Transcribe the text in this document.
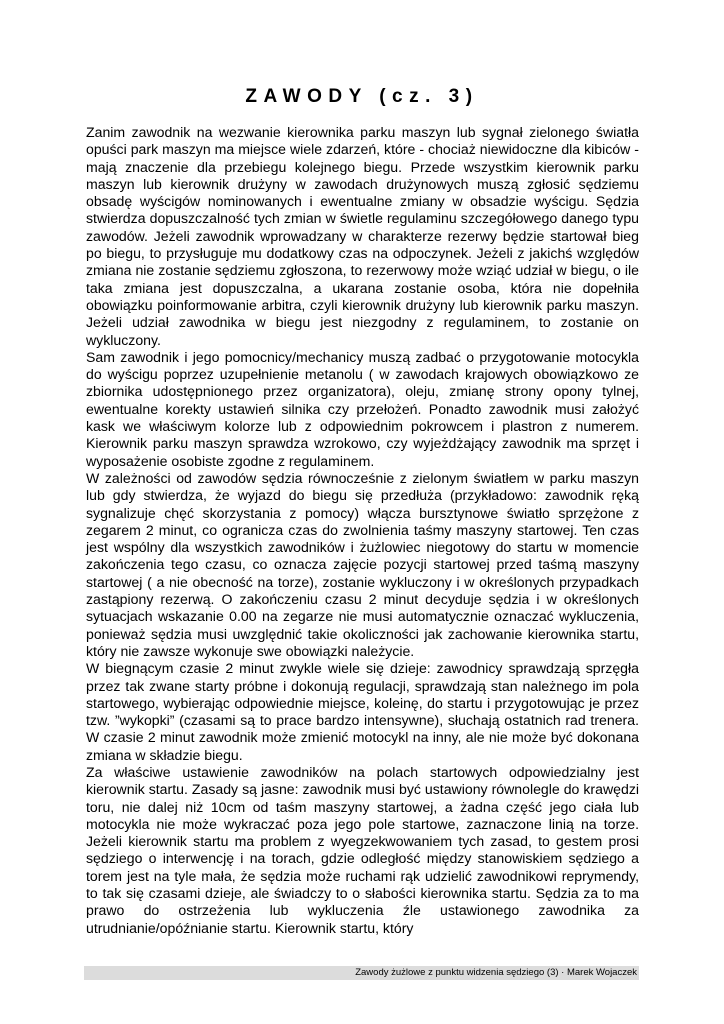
ZAWODY (cz. 3)

Zanim zawodnik na wezwanie kierownika parku maszyn lub sygnał zielonego światła opuści park maszyn ma miejsce wiele zdarzeń, które - chociaż niewidoczne dla kibiców - mają znaczenie dla przebiegu kolejnego biegu. Przede wszystkim kierownik parku maszyn lub kierownik drużyny w zawodach drużynowych muszą zgłosić sędziemu obsadę wyścigów nominowanych i ewentualne zmiany w obsadzie wyścigu. Sędzia stwierdza dopuszczalność tych zmian w świetle regulaminu szczegółowego danego typu zawodów. Jeżeli zawodnik wprowadzany w charakterze rezerwy będzie startował bieg po biegu, to przysługuje mu dodatkowy czas na odpoczynek. Jeżeli z jakichś względów zmiana nie zostanie sędziemu zgłoszona, to rezerwowy może wziąć udział w biegu, o ile taka zmiana jest dopuszczalna, a ukarana zostanie osoba, która nie dopełniła obowiązku poinformowanie arbitra, czyli kierownik drużyny lub kierownik parku maszyn. Jeżeli udział zawodnika w biegu jest niezgodny z regulaminem, to zostanie on wykluczony.

Sam zawodnik i jego pomocnicy/mechanicy muszą zadbać o przygotowanie motocykla do wyścigu poprzez uzupełnienie metanolu ( w zawodach krajowych obowiązkowo ze zbiornika udostępnionego przez organizatora), oleju, zmianę strony opony tylnej, ewentualne korekty ustawień silnika czy przełożeń. Ponadto zawodnik musi założyć kask we właściwym kolorze lub z odpowiednim pokrowcem i plastron z numerem. Kierownik parku maszyn sprawdza wzrokowo, czy wyjeżdżający zawodnik ma sprzęt i wyposażenie osobiste zgodne z regulaminem.

W zależności od zawodów sędzia równocześnie z zielonym światłem w parku maszyn lub gdy stwierdza, że wyjazd do biegu się przedłuża (przykładowo: zawodnik ręką sygnalizuje chęć skorzystania z pomocy) włącza bursztynowe światło sprzężone z zegarem 2 minut, co ogranicza czas do zwolnienia taśmy maszyny startowej. Ten czas jest wspólny dla wszystkich zawodników i żużlowiec niegotowy do startu w momencie zakończenia tego czasu, co oznacza zajęcie pozycji startowej przed taśmą maszyny startowej ( a nie obecność na torze), zostanie wykluczony i w określonych przypadkach zastąpiony rezerwą. O zakończeniu czasu 2 minut decyduje sędzia i w określonych sytuacjach wskazanie 0.00 na zegarze nie musi automatycznie oznaczać wykluczenia, ponieważ sędzia musi uwzględnić takie okoliczności jak zachowanie kierownika startu, który nie zawsze wykonuje swe obowiązki należycie.

W biegnącym czasie 2 minut zwykle wiele się dzieje: zawodnicy sprawdzają sprzęgła przez tak zwane starty próbne i dokonują regulacji, sprawdzają stan należnego im pola startowego, wybierając odpowiednie miejsce, koleinę, do startu i przygotowując je przez tzw. ”wykopki” (czasami są to prace bardzo intensywne), słuchają ostatnich rad trenera. W czasie 2 minut zawodnik może zmienić motocykl na inny, ale nie może być dokonana zmiana w składzie biegu.

Za właściwe ustawienie zawodników na polach startowych odpowiedzialny jest kierownik startu. Zasady są jasne: zawodnik musi być ustawiony równolegle do krawędzi toru, nie dalej niż 10cm od taśm maszyny startowej, a żadna część jego ciała lub motocykla nie może wykraczać poza jego pole startowe, zaznaczone linią na torze. Jeżeli kierownik startu ma problem z wyegzekwowaniem tych zasad, to gestem prosi sędziego o interwencję i na torach, gdzie odległość między stanowiskiem sędziego a torem jest na tyle mała, że sędzia może ruchami rąk udzielić zawodnikowi reprymendy, to tak się czasami dzieje, ale świadczy to o słabości kierownika startu. Sędzia za to ma prawo do ostrzeżenia lub wykluczenia źle ustawionego zawodnika za utrudnianie/opóźnianie startu. Kierownik startu, który

Zawody żużlowe z punktu widzenia sędziego (3) · Marek Wojaczek
